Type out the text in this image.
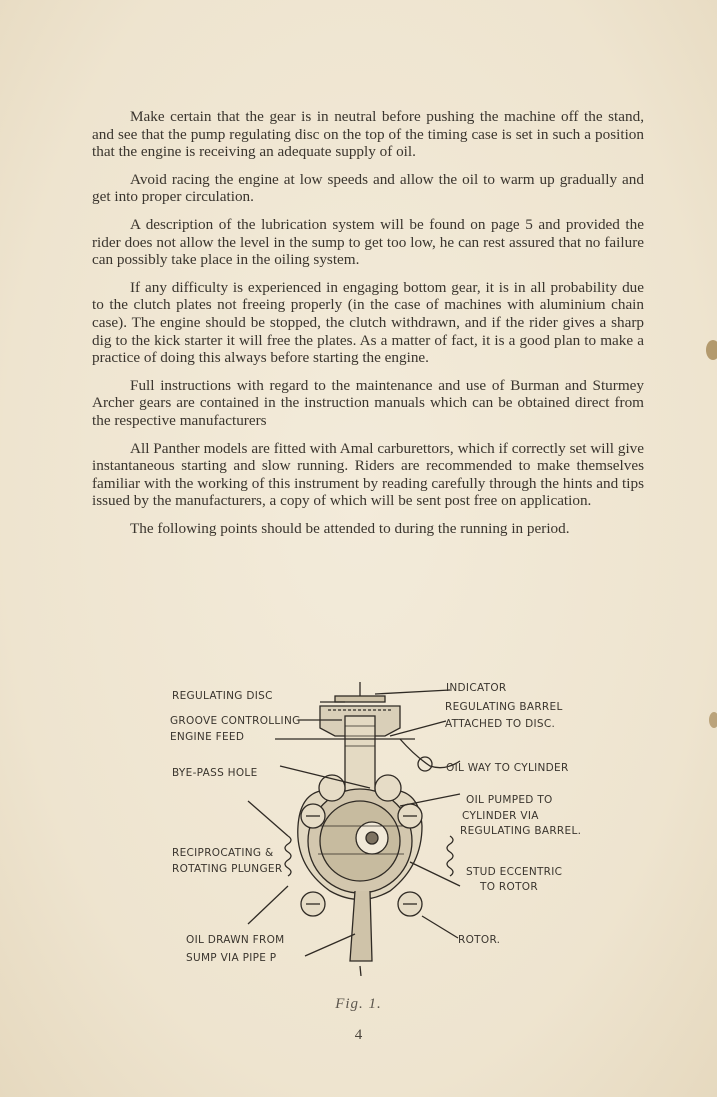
Make certain that the gear is in neutral before pushing the machine off the stand, and see that the pump regulating disc on the top of the timing case is set in such a position that the engine is receiving an adequate supply of oil.

Avoid racing the engine at low speeds and allow the oil to warm up gradually and get into proper circulation.

A description of the lubrication system will be found on page 5 and provided the rider does not allow the level in the sump to get too low, he can rest assured that no failure can possibly take place in the oiling system.

If any difficulty is experienced in engaging bottom gear, it is in all probability due to the clutch plates not freeing properly (in the case of machines with aluminium chain case). The engine should be stopped, the clutch withdrawn, and if the rider gives a sharp dig to the kick starter it will free the plates. As a matter of fact, it is a good plan to make a practice of doing this always before starting the engine.

Full instructions with regard to the maintenance and use of Burman and Sturmey Archer gears are contained in the instruction manuals which can be obtained direct from the respective manufacturers

All Panther models are fitted with Amal carburettors, which if correctly set will give instantaneous starting and slow running. Riders are recommended to make themselves familiar with the working of this instrument by reading carefully through the hints and tips issued by the manufacturers, a copy of which will be sent post free on application.

The following points should be attended to during the running in period.

REGULATING DISC
GROOVE CONTROLLING
ENGINE FEED
BYE-PASS HOLE
RECIPROCATING &
ROTATING PLUNGER
OIL DRAWN FROM
SUMP VIA PIPE P
INDICATOR
REGULATING BARREL
ATTACHED TO DISC.
OIL WAY TO CYLINDER
OIL PUMPED TO
CYLINDER VIA
REGULATING BARREL.
STUD ECCENTRIC
TO ROTOR
ROTOR.
Fig. 1.
4
